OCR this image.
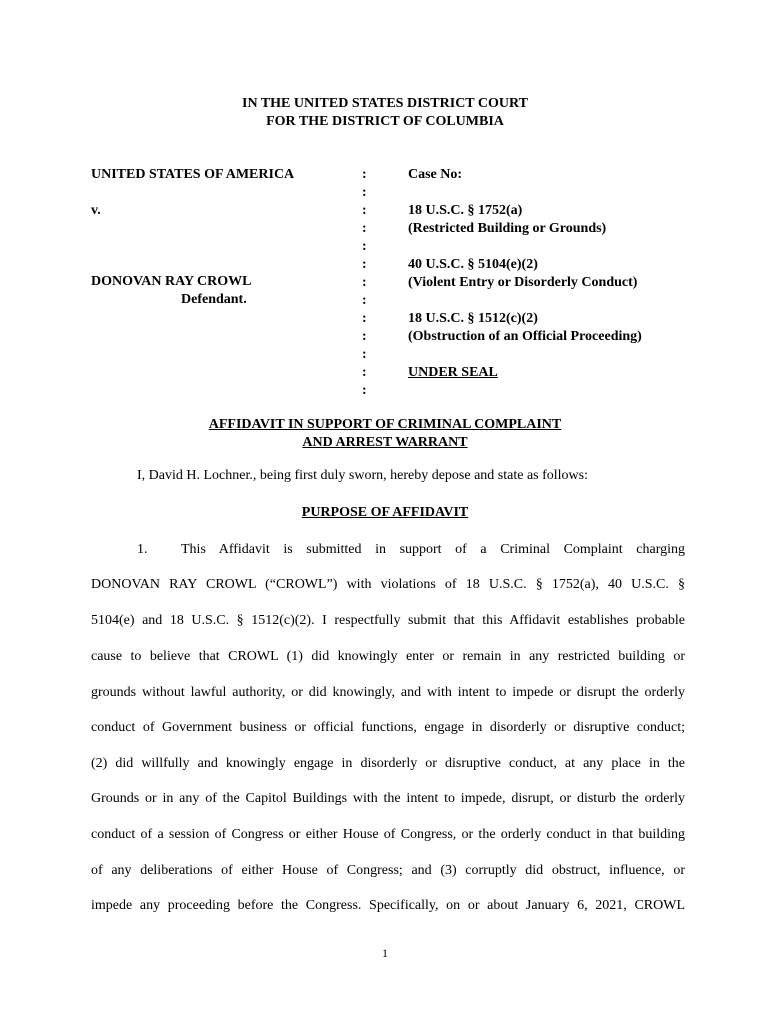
IN THE UNITED STATES DISTRICT COURT
FOR THE DISTRICT OF COLUMBIA
UNITED STATES OF AMERICA
v.
DONOVAN RAY CROWL
Defendant.
:
:
:
:
:
:
:
:
:
:
:
:
:
Case No:
18 U.S.C. § 1752(a)
(Restricted Building or Grounds)
40 U.S.C. § 5104(e)(2)
(Violent Entry or Disorderly Conduct)
18 U.S.C. § 1512(c)(2)
(Obstruction of an Official Proceeding)
UNDER SEAL
AFFIDAVIT IN SUPPORT OF CRIMINAL COMPLAINT
AND ARREST WARRANT
I, David H. Lochner., being first duly sworn, hereby depose and state as follows:
PURPOSE OF AFFIDAVIT
1. This Affidavit is submitted in support of a Criminal Complaint charging
DONOVAN RAY CROWL (“CROWL”) with violations of 18 U.S.C. § 1752(a), 40 U.S.C. §
5104(e) and 18 U.S.C. § 1512(c)(2). I respectfully submit that this Affidavit establishes probable
cause to believe that CROWL (1) did knowingly enter or remain in any restricted building or
grounds without lawful authority, or did knowingly, and with intent to impede or disrupt the orderly
conduct of Government business or official functions, engage in disorderly or disruptive conduct;
(2) did willfully and knowingly engage in disorderly or disruptive conduct, at any place in the
Grounds or in any of the Capitol Buildings with the intent to impede, disrupt, or disturb the orderly
conduct of a session of Congress or either House of Congress, or the orderly conduct in that building
of any deliberations of either House of Congress; and (3) corruptly did obstruct, influence, or
impede any proceeding before the Congress. Specifically, on or about January 6, 2021, CROWL
1
